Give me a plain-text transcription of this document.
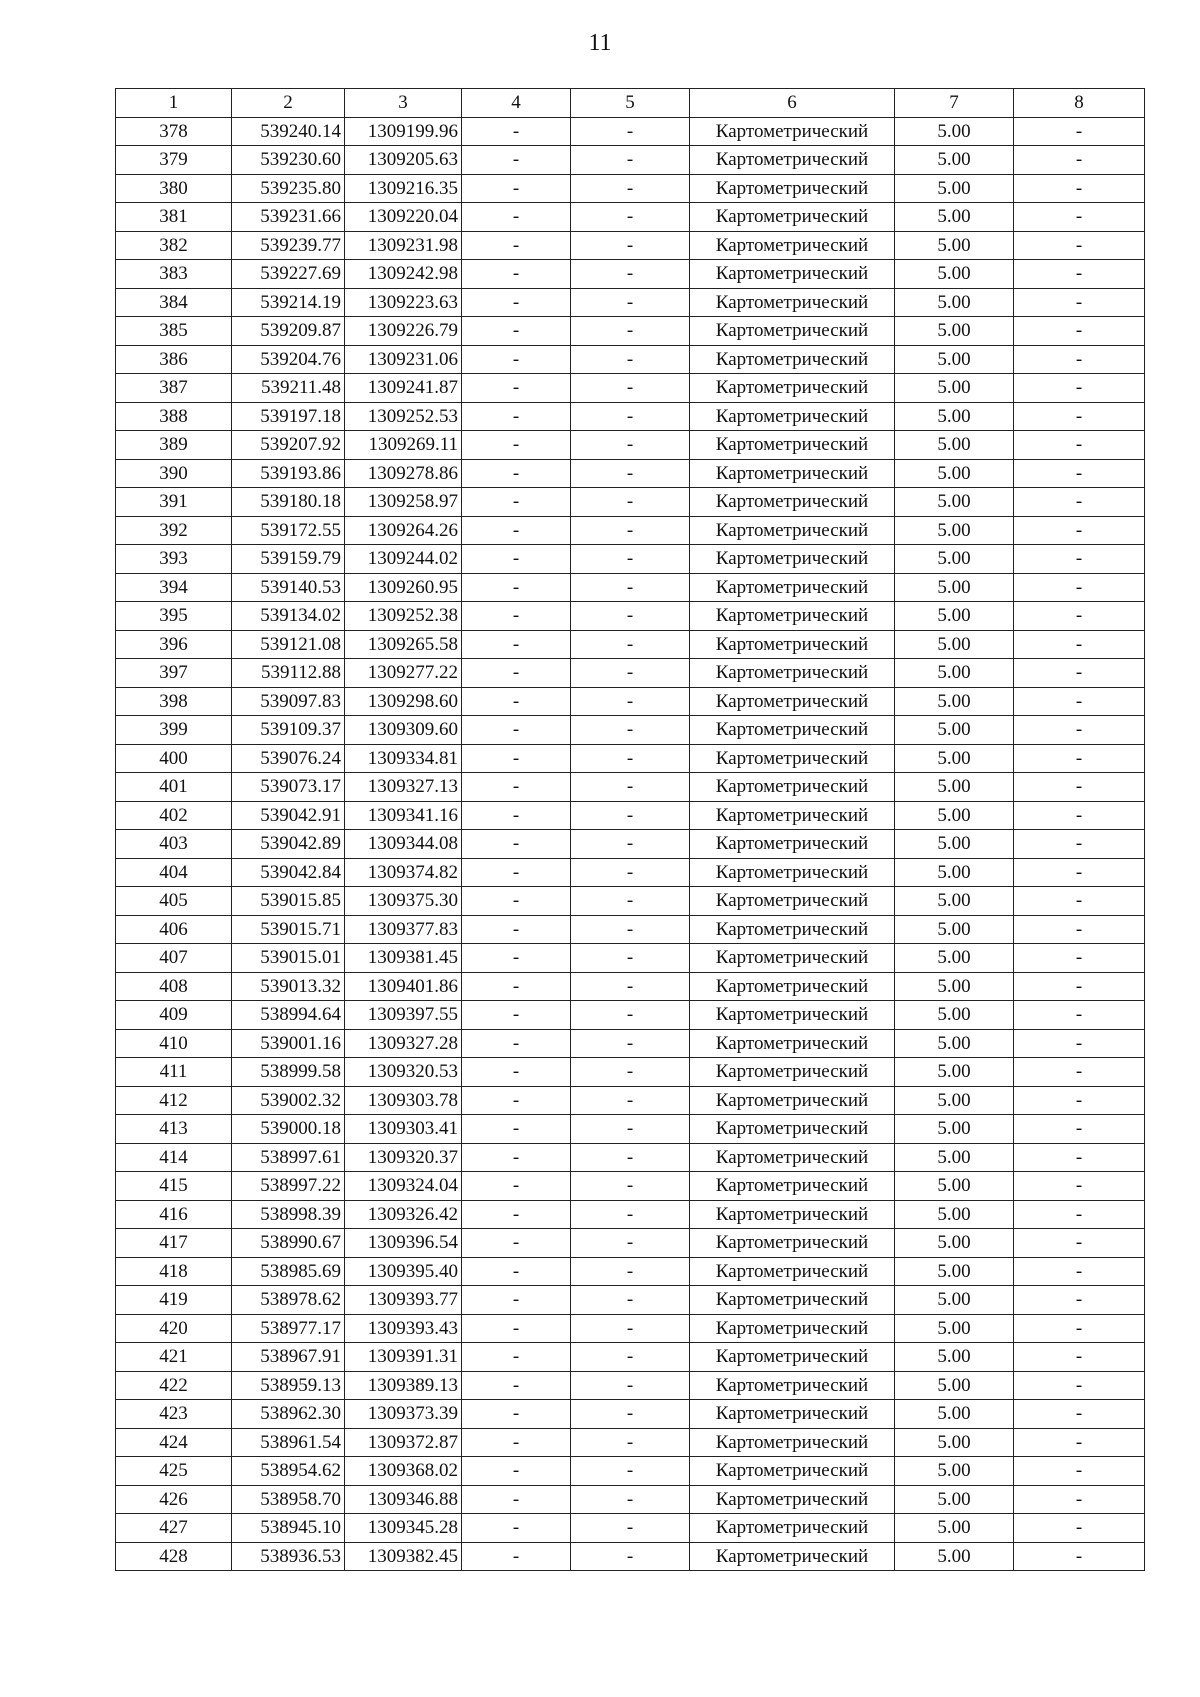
11
1	2	3	4	5	6	7	8
378	539240.14	1309199.96	-	-	Картометрический	5.00	-
379	539230.60	1309205.63	-	-	Картометрический	5.00	-
380	539235.80	1309216.35	-	-	Картометрический	5.00	-
381	539231.66	1309220.04	-	-	Картометрический	5.00	-
382	539239.77	1309231.98	-	-	Картометрический	5.00	-
383	539227.69	1309242.98	-	-	Картометрический	5.00	-
384	539214.19	1309223.63	-	-	Картометрический	5.00	-
385	539209.87	1309226.79	-	-	Картометрический	5.00	-
386	539204.76	1309231.06	-	-	Картометрический	5.00	-
387	539211.48	1309241.87	-	-	Картометрический	5.00	-
388	539197.18	1309252.53	-	-	Картометрический	5.00	-
389	539207.92	1309269.11	-	-	Картометрический	5.00	-
390	539193.86	1309278.86	-	-	Картометрический	5.00	-
391	539180.18	1309258.97	-	-	Картометрический	5.00	-
392	539172.55	1309264.26	-	-	Картометрический	5.00	-
393	539159.79	1309244.02	-	-	Картометрический	5.00	-
394	539140.53	1309260.95	-	-	Картометрический	5.00	-
395	539134.02	1309252.38	-	-	Картометрический	5.00	-
396	539121.08	1309265.58	-	-	Картометрический	5.00	-
397	539112.88	1309277.22	-	-	Картометрический	5.00	-
398	539097.83	1309298.60	-	-	Картометрический	5.00	-
399	539109.37	1309309.60	-	-	Картометрический	5.00	-
400	539076.24	1309334.81	-	-	Картометрический	5.00	-
401	539073.17	1309327.13	-	-	Картометрический	5.00	-
402	539042.91	1309341.16	-	-	Картометрический	5.00	-
403	539042.89	1309344.08	-	-	Картометрический	5.00	-
404	539042.84	1309374.82	-	-	Картометрический	5.00	-
405	539015.85	1309375.30	-	-	Картометрический	5.00	-
406	539015.71	1309377.83	-	-	Картометрический	5.00	-
407	539015.01	1309381.45	-	-	Картометрический	5.00	-
408	539013.32	1309401.86	-	-	Картометрический	5.00	-
409	538994.64	1309397.55	-	-	Картометрический	5.00	-
410	539001.16	1309327.28	-	-	Картометрический	5.00	-
411	538999.58	1309320.53	-	-	Картометрический	5.00	-
412	539002.32	1309303.78	-	-	Картометрический	5.00	-
413	539000.18	1309303.41	-	-	Картометрический	5.00	-
414	538997.61	1309320.37	-	-	Картометрический	5.00	-
415	538997.22	1309324.04	-	-	Картометрический	5.00	-
416	538998.39	1309326.42	-	-	Картометрический	5.00	-
417	538990.67	1309396.54	-	-	Картометрический	5.00	-
418	538985.69	1309395.40	-	-	Картометрический	5.00	-
419	538978.62	1309393.77	-	-	Картометрический	5.00	-
420	538977.17	1309393.43	-	-	Картометрический	5.00	-
421	538967.91	1309391.31	-	-	Картометрический	5.00	-
422	538959.13	1309389.13	-	-	Картометрический	5.00	-
423	538962.30	1309373.39	-	-	Картометрический	5.00	-
424	538961.54	1309372.87	-	-	Картометрический	5.00	-
425	538954.62	1309368.02	-	-	Картометрический	5.00	-
426	538958.70	1309346.88	-	-	Картометрический	5.00	-
427	538945.10	1309345.28	-	-	Картометрический	5.00	-
428	538936.53	1309382.45	-	-	Картометрический	5.00	-
